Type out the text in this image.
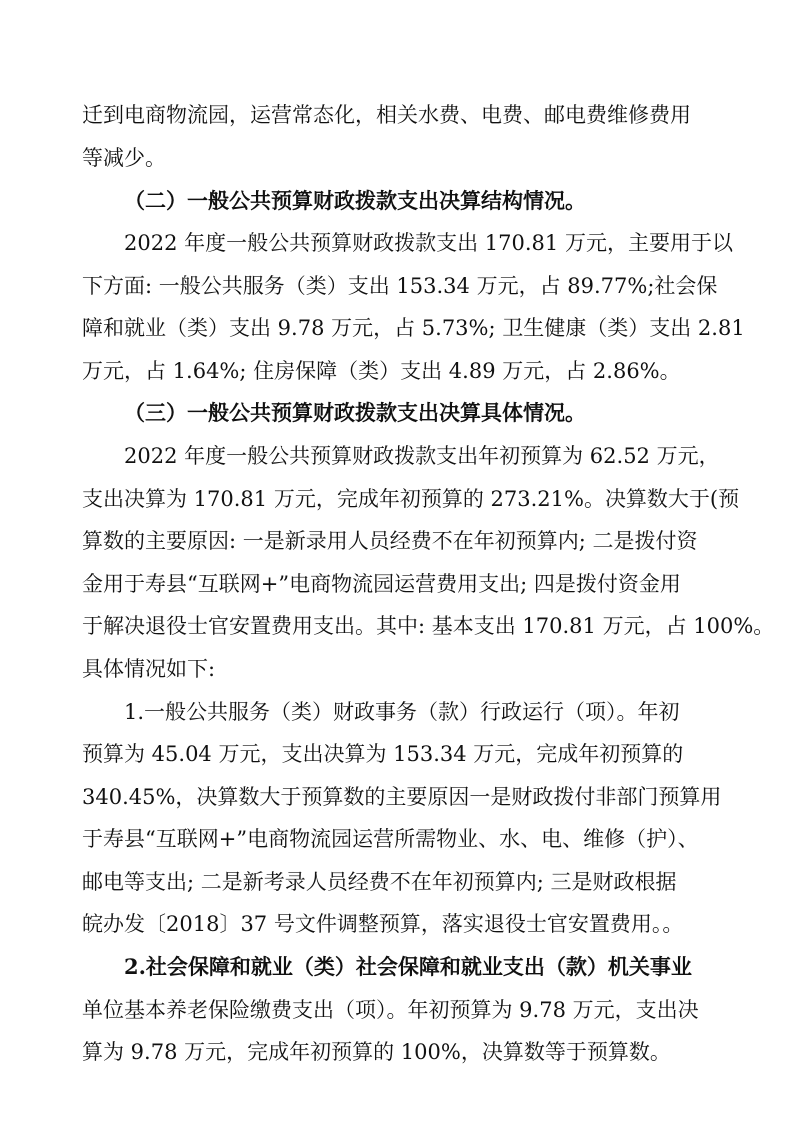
迁到电商物流园，运营常态化，相关水费、电费、邮电费维修费用
等减少。
（二）一般公共预算财政拨款支出决算结构情况。
2022 年度一般公共预算财政拨款支出 170.81 万元，主要用于以
下方面: 一般公共服务（类）支出 153.34 万元，占 89.77%;社会保
障和就业（类）支出 9.78 万元，占 5.73%; 卫生健康（类）支出 2.81
万元，占 1.64%; 住房保障（类）支出 4.89 万元，占 2.86%。
（三）一般公共预算财政拨款支出决算具体情况。
2022 年度一般公共预算财政拨款支出年初预算为 62.52 万元，
支出决算为 170.81 万元，完成年初预算的 273.21%。决算数大于(预
算数的主要原因: 一是新录用人员经费不在年初预算内; 二是拨付资
金用于寿县“互联网+”电商物流园运营费用支出; 四是拨付资金用
于解决退役士官安置费用支出。其中: 基本支出 170.81 万元，占 100%。
具体情况如下:
1.一般公共服务（类）财政事务（款）行政运行（项）。年初
预算为 45.04 万元，支出决算为 153.34 万元，完成年初预算的
340.45%，决算数大于预算数的主要原因一是财政拨付非部门预算用
于寿县“互联网+”电商物流园运营所需物业、水、电、维修（护）、
邮电等支出; 二是新考录人员经费不在年初预算内; 三是财政根据
皖办发〔2018〕37 号文件调整预算，落实退役士官安置费用。。
2.社会保障和就业（类）社会保障和就业支出（款）机关事业
单位基本养老保险缴费支出（项）。年初预算为 9.78 万元，支出决
算为 9.78 万元，完成年初预算的 100%，决算数等于预算数。
